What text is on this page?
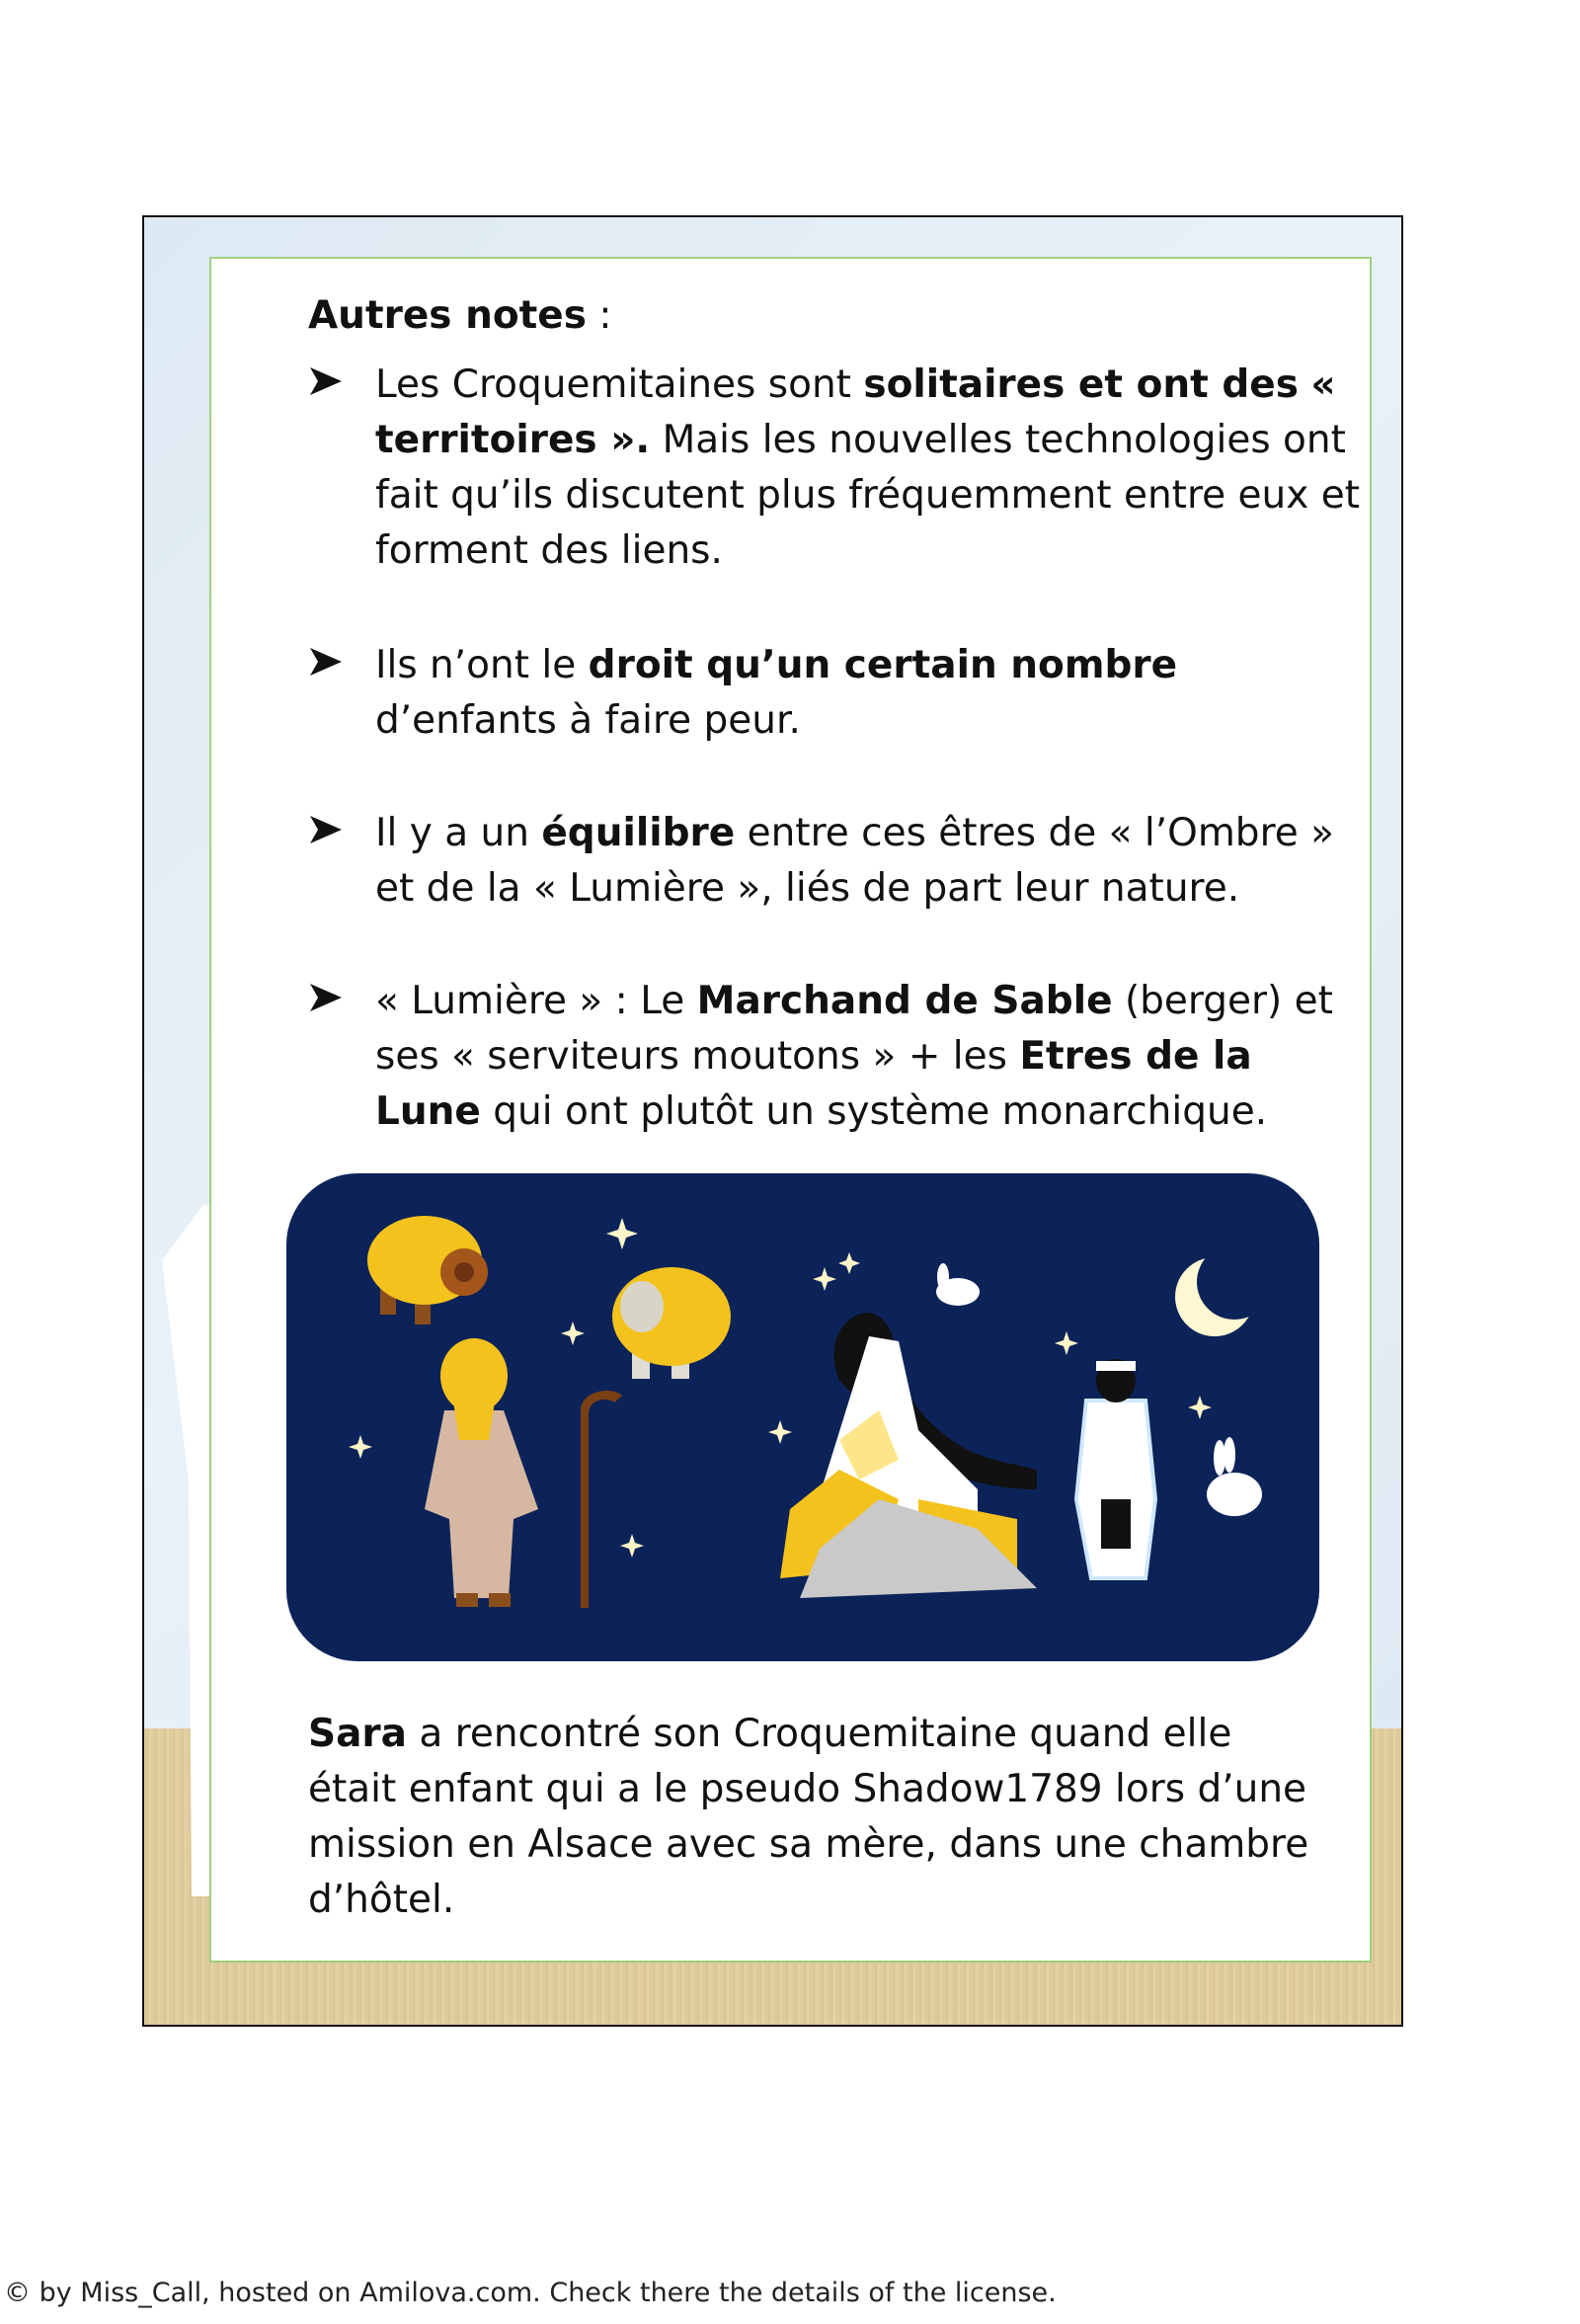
Autres notes :
Les Croquemitaines sont solitaires et ont des « territoires ». Mais les nouvelles technologies ont fait qu’ils discutent plus fréquemment entre eux et forment des liens.
Ils n’ont le droit qu’un certain nombre d’enfants à faire peur.
Il y a un équilibre entre ces êtres de « l’Ombre » et de la « Lumière », liés de part leur nature.
« Lumière » : Le Marchand de Sable (berger) et ses « serviteurs moutons » + les Etres de la Lune qui ont plutôt un système monarchique.
Sara a rencontré son Croquemitaine quand elle était enfant qui a le pseudo Shadow1789 lors d’une mission en Alsace avec sa mère, dans une chambre d’hôtel.
© by Miss_Call, hosted on Amilova.com. Check there the details of the license.
